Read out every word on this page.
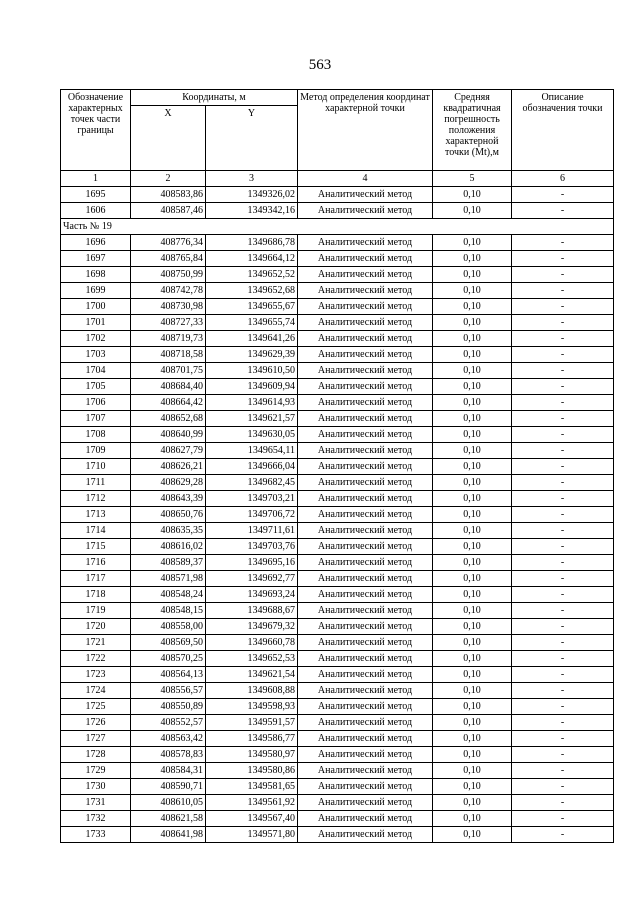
563
Обозначение характерных точек части границы	Координаты, м		Метод определения координат характерной точки	Средняя квадратичная погрешность положения характерной точки (Mt),м	Описание обозначения точки
	X	Y			
1	2	3	4	5	6
1695	408583,86	1349326,02	Аналитический метод	0,10	-
1606	408587,46	1349342,16	Аналитический метод	0,10	-
Часть № 19					
1696	408776,34	1349686,78	Аналитический метод	0,10	-
1697	408765,84	1349664,12	Аналитический метод	0,10	-
1698	408750,99	1349652,52	Аналитический метод	0,10	-
1699	408742,78	1349652,68	Аналитический метод	0,10	-
1700	408730,98	1349655,67	Аналитический метод	0,10	-
1701	408727,33	1349655,74	Аналитический метод	0,10	-
1702	408719,73	1349641,26	Аналитический метод	0,10	-
1703	408718,58	1349629,39	Аналитический метод	0,10	-
1704	408701,75	1349610,50	Аналитический метод	0,10	-
1705	408684,40	1349609,94	Аналитический метод	0,10	-
1706	408664,42	1349614,93	Аналитический метод	0,10	-
1707	408652,68	1349621,57	Аналитический метод	0,10	-
1708	408640,99	1349630,05	Аналитический метод	0,10	-
1709	408627,79	1349654,11	Аналитический метод	0,10	-
1710	408626,21	1349666,04	Аналитический метод	0,10	-
1711	408629,28	1349682,45	Аналитический метод	0,10	-
1712	408643,39	1349703,21	Аналитический метод	0,10	-
1713	408650,76	1349706,72	Аналитический метод	0,10	-
1714	408635,35	1349711,61	Аналитический метод	0,10	-
1715	408616,02	1349703,76	Аналитический метод	0,10	-
1716	408589,37	1349695,16	Аналитический метод	0,10	-
1717	408571,98	1349692,77	Аналитический метод	0,10	-
1718	408548,24	1349693,24	Аналитический метод	0,10	-
1719	408548,15	1349688,67	Аналитический метод	0,10	-
1720	408558,00	1349679,32	Аналитический метод	0,10	-
1721	408569,50	1349660,78	Аналитический метод	0,10	-
1722	408570,25	1349652,53	Аналитический метод	0,10	-
1723	408564,13	1349621,54	Аналитический метод	0,10	-
1724	408556,57	1349608,88	Аналитический метод	0,10	-
1725	408550,89	1349598,93	Аналитический метод	0,10	-
1726	408552,57	1349591,57	Аналитический метод	0,10	-
1727	408563,42	1349586,77	Аналитический метод	0,10	-
1728	408578,83	1349580,97	Аналитический метод	0,10	-
1729	408584,31	1349580,86	Аналитический метод	0,10	-
1730	408590,71	1349581,65	Аналитический метод	0,10	-
1731	408610,05	1349561,92	Аналитический метод	0,10	-
1732	408621,58	1349567,40	Аналитический метод	0,10	-
1733	408641,98	1349571,80	Аналитический метод	0,10	-
